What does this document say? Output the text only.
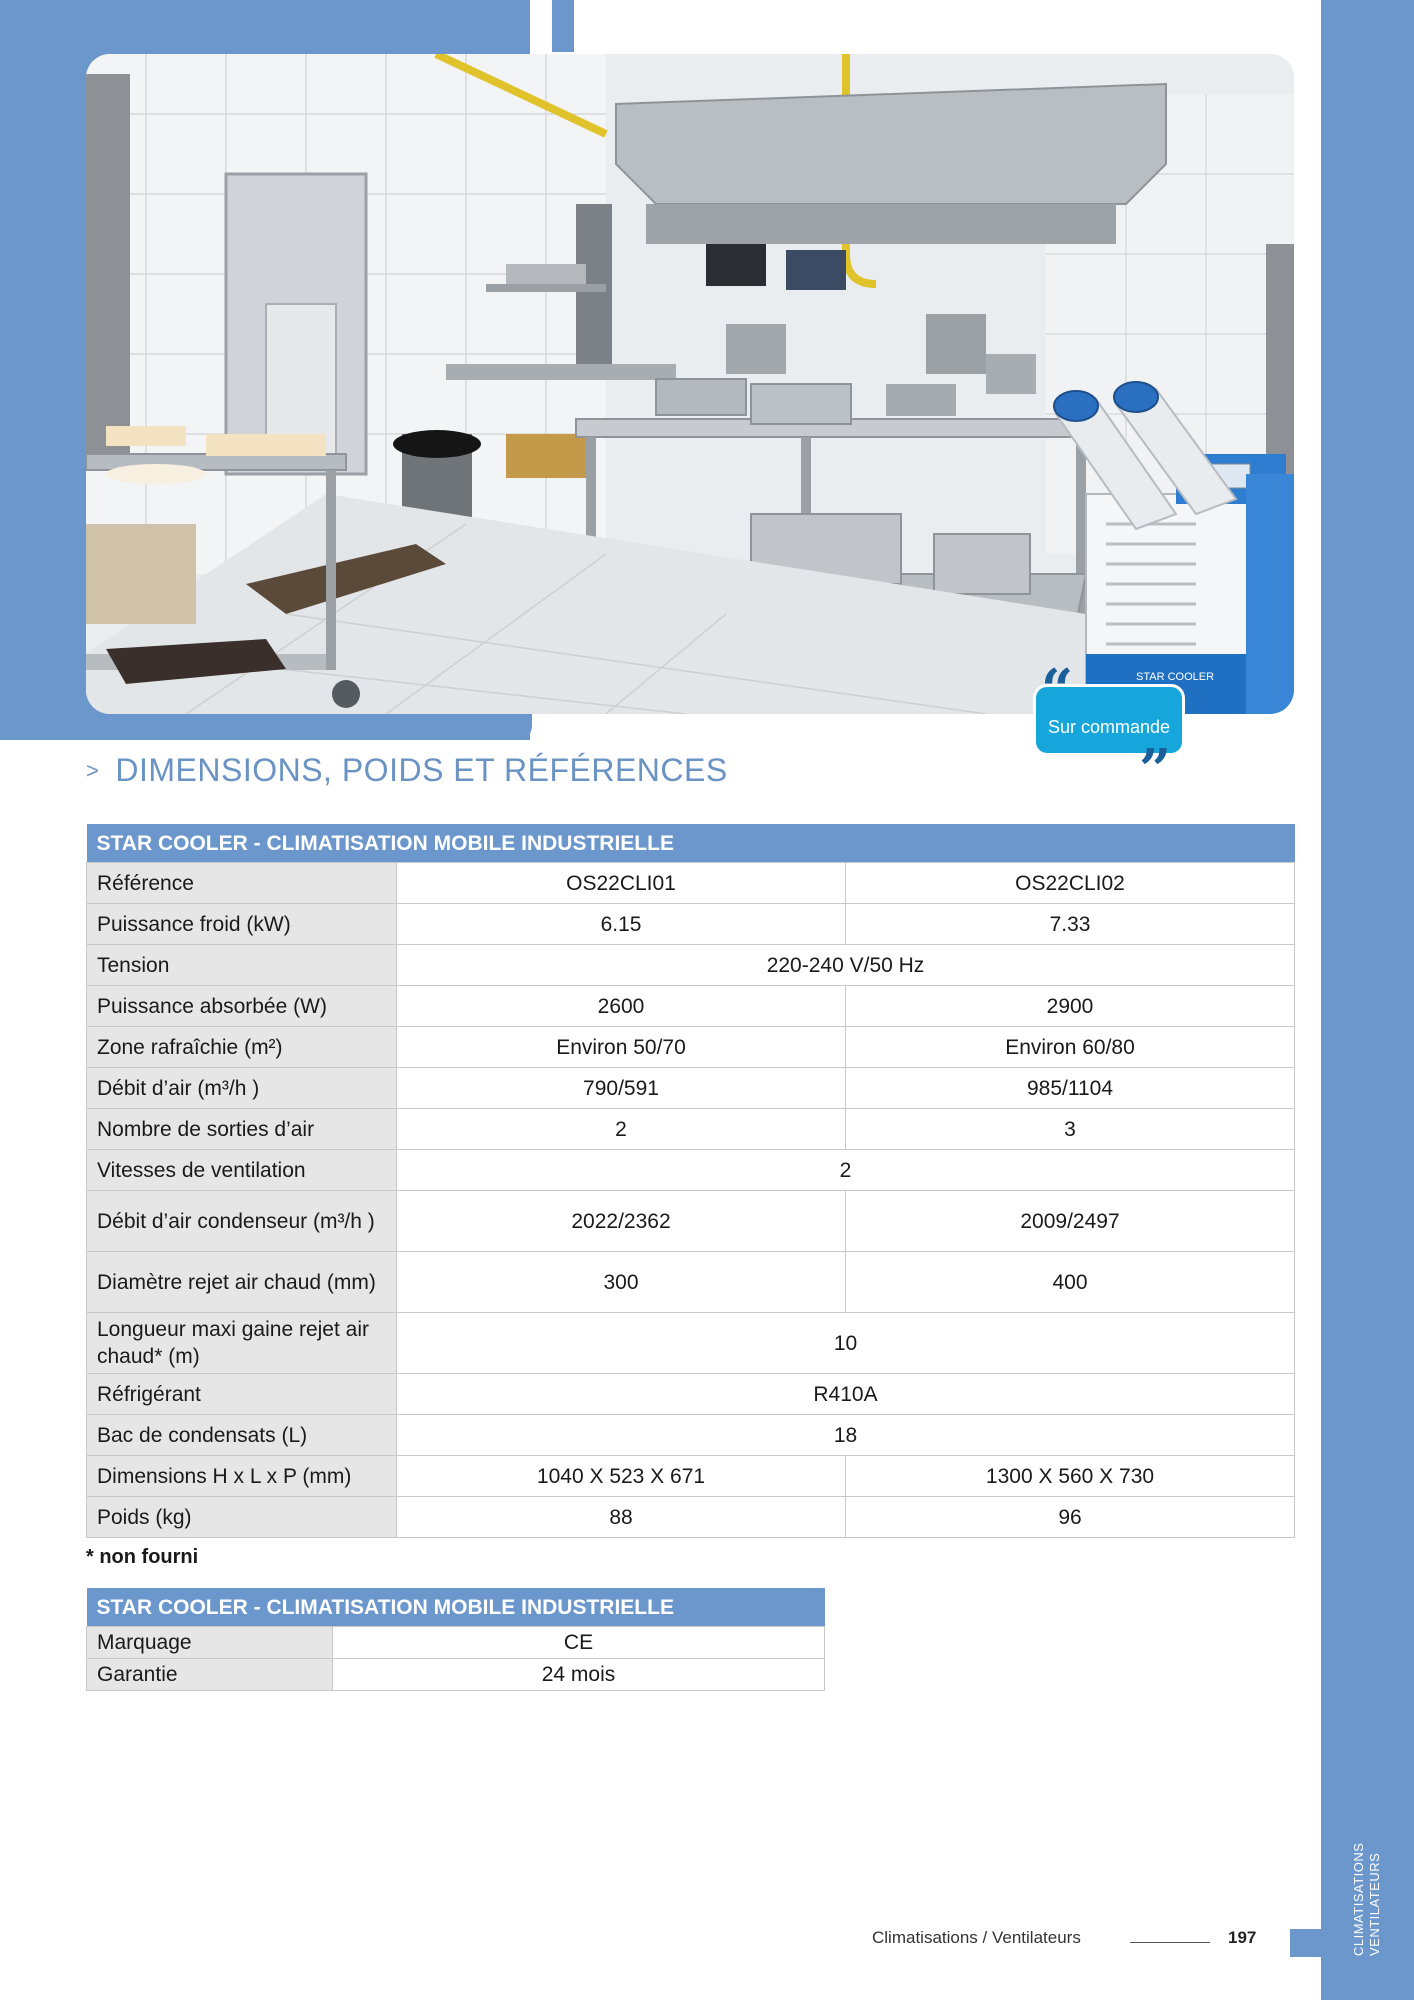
CLIMATISATIONS VENTILATEURS
STAR COOLER
“
Sur commande
”
> DIMENSIONS, POIDS ET RÉFÉRENCES
STAR COOLER - CLIMATISATION MOBILE INDUSTRIELLE		
Référence	OS22CLI01	OS22CLI02
Puissance froid (kW)	6.15	7.33
Tension	220-240 V/50 Hz	
Puissance absorbée (W)	2600	2900
Zone rafraîchie (m²)	Environ 50/70	Environ 60/80
Débit d’air (m³/h )	790/591	985/1104
Nombre de sorties d’air	2	3
Vitesses de ventilation	2	
Débit d’air condenseur (m³/h )	2022/2362	2009/2497
Diamètre rejet air chaud (mm)	300	400
Longueur maxi gaine rejet air chaud* (m)	10	
Réfrigérant	R410A	
Bac de condensats (L)	18	
Dimensions H x L x P (mm)	1040 X 523 X 671	1300 X 560 X 730
Poids (kg)	88	96
* non fourni
STAR COOLER - CLIMATISATION MOBILE INDUSTRIELLE	
Marquage	CE
Garantie	24 mois
Climatisations / Ventilateurs	197
